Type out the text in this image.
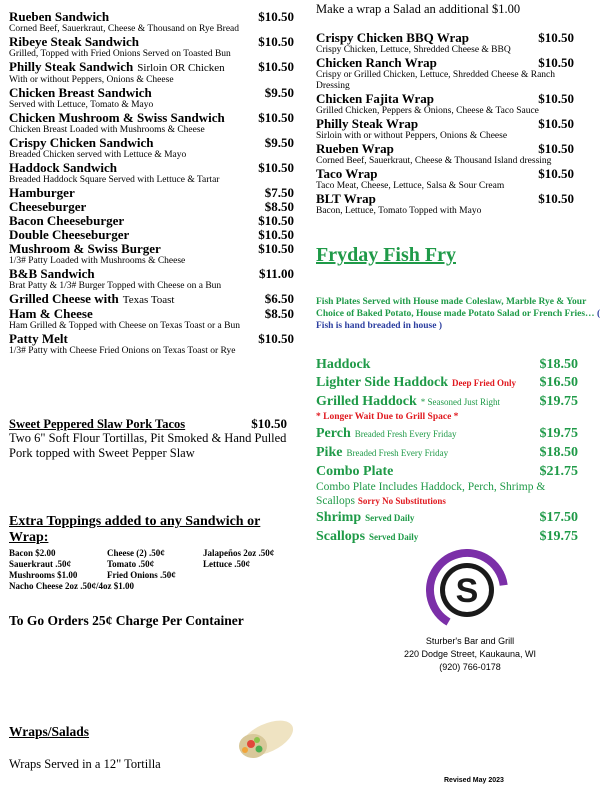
Rueben Sandwich	$10.50
Corned Beef, Sauerkraut, Cheese & Thousand on Rye Bread
Ribeye Steak Sandwich	$10.50
Grilled, Topped with Fried Onions Served on Toasted Bun
Philly Steak Sandwich Sirloin OR Chicken	$10.50
With or without Peppers, Onions & Cheese
Chicken Breast Sandwich	$9.50
Served with Lettuce, Tomato & Mayo
Chicken Mushroom & Swiss Sandwich	$10.50
Chicken Breast Loaded with Mushrooms & Cheese
Crispy Chicken Sandwich	$9.50
Breaded Chicken served with Lettuce & Mayo
Haddock Sandwich	$10.50
Breaded Haddock Square Served with Lettuce & Tartar
Hamburger	$7.50
Cheeseburger	$8.50
Bacon Cheeseburger	$10.50
Double Cheeseburger	$10.50
Mushroom & Swiss Burger	$10.50
1/3# Patty Loaded with Mushrooms & Cheese
B&B Sandwich	$11.00
Brat Patty & 1/3# Burger Topped with Cheese on a Bun
Grilled Cheese with Texas Toast	$6.50
Ham & Cheese	$8.50
Ham Grilled & Topped with Cheese on Texas Toast or a Bun
Patty Melt	$10.50
1/3# Patty with Cheese Fried Onions on Texas Toast or Rye
Sweet Peppered Slaw Pork Tacos	$10.50
Two 6" Soft Flour Tortillas, Pit Smoked & Hand Pulled Pork topped with Sweet Pepper Slaw
Extra Toppings added to any Sandwich or Wrap:
Bacon $2.00	Cheese (2) .50¢	Jalapeños 2oz .50¢
Sauerkraut .50¢	Tomato .50¢	Lettuce .50¢
Mushrooms $1.00	Fried Onions .50¢
Nacho Cheese 2oz .50¢/4oz $1.00
To Go Orders 25¢ Charge Per Container
Wraps/Salads
Wraps Served in a 12" Tortilla
Make a wrap a Salad an additional $1.00
Crispy Chicken BBQ Wrap	$10.50
Crispy Chicken, Lettuce, Shredded Cheese & BBQ
Chicken Ranch Wrap	$10.50
Crispy or Grilled Chicken, Lettuce, Shredded Cheese & Ranch Dressing
Chicken Fajita Wrap	$10.50
Grilled Chicken, Peppers & Onions, Cheese & Taco Sauce
Philly Steak Wrap	$10.50
Sirloin with or without Peppers, Onions & Cheese
Rueben Wrap	$10.50
Corned Beef, Sauerkraut, Cheese & Thousand Island dressing
Taco Wrap	$10.50
Taco Meat, Cheese, Lettuce, Salsa & Sour Cream
BLT Wrap	$10.50
Bacon, Lettuce, Tomato Topped with Mayo
Fryday Fish Fry
Fish Plates Served with House made Coleslaw, Marble Rye & Your Choice of Baked Potato, House made Potato Salad or French Fries… ( Fish is hand breaded in house )
Haddock	$18.50
Lighter Side Haddock Deep Fried Only $16.50
Grilled Haddock * Seasoned Just Right	$19.75
* Longer Wait Due to Grill Space *
Perch Breaded Fresh Every Friday	$19.75
Pike Breaded Fresh Every Friday	$18.50
Combo Plate	$21.75
Combo Plate Includes Haddock, Perch, Shrimp & Scallops Sorry No Substitutions
Shrimp Served Daily	$17.50
Scallops Served Daily	$19.75
S
Sturber's Bar and Grill
220 Dodge Street, Kaukauna, WI
(920) 766-0178
Revised May 2023
